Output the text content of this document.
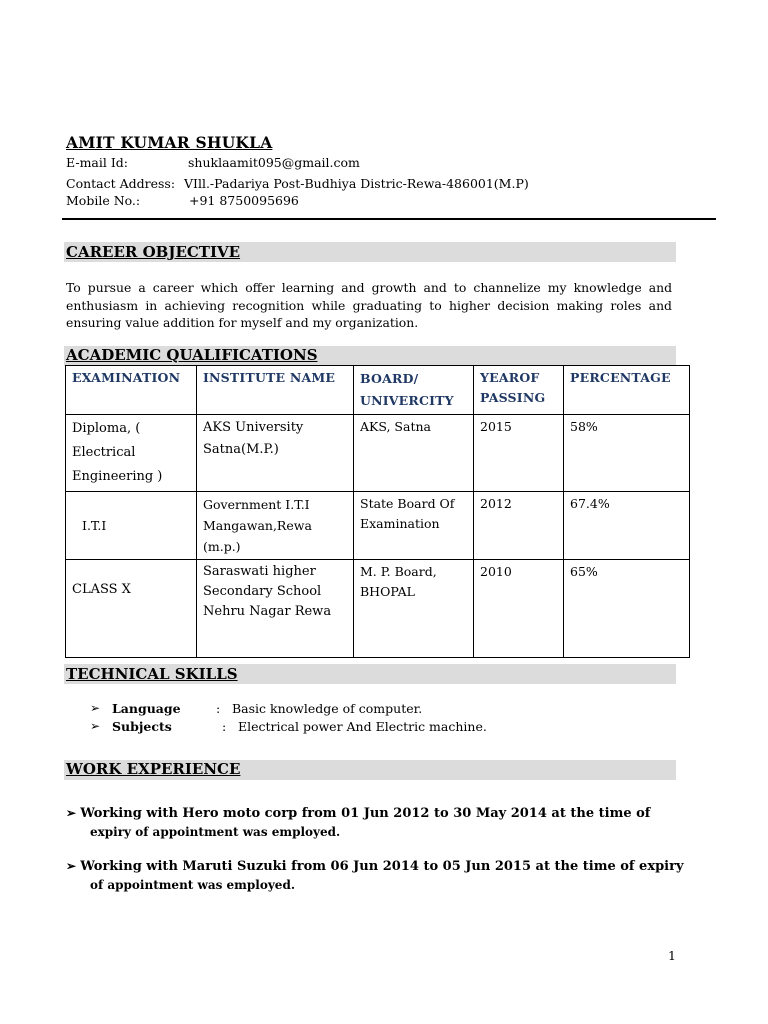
AMIT KUMAR SHUKLA
E-mail Id:	shuklaamit095@gmail.com
Contact Address: VIll.-Padariya Post-Budhiya Distric-Rewa-486001(M.P)
Mobile No.:	+91 8750095696
CAREER OBJECTIVE
To pursue a career which offer learning and growth and to channelize my knowledge and enthusiasm in achieving recognition while graduating to higher decision making roles and ensuring value addition for myself and my organization.
ACADEMIC QUALIFICATIONS
EXAMINATION	INSTITUTE NAME	BOARD/ UNIVERCITY	YEAROF PASSING	PERCENTAGE
Diploma, ( Electrical Engineering )	AKS University Satna(M.P.)	AKS, Satna	2015	58%
I.T.I	Government I.T.I Mangawan,Rewa (m.p.)	State Board Of Examination	2012	67.4%
CLASS X	Saraswati higher Secondary School Nehru Nagar Rewa	M. P. Board, BHOPAL	2010	65%
TECHNICAL SKILLS
➢ Language	: Basic knowledge of computer.
➢ Subjects	: Electrical power And Electric machine.
WORK EXPERIENCE
➢ Working with Hero moto corp from 01 Jun 2012 to 30 May 2014 at the time of
expiry of appointment was employed.
➢ Working with Maruti Suzuki from 06 Jun 2014 to 05 Jun 2015 at the time of expiry
of appointment was employed.
1
